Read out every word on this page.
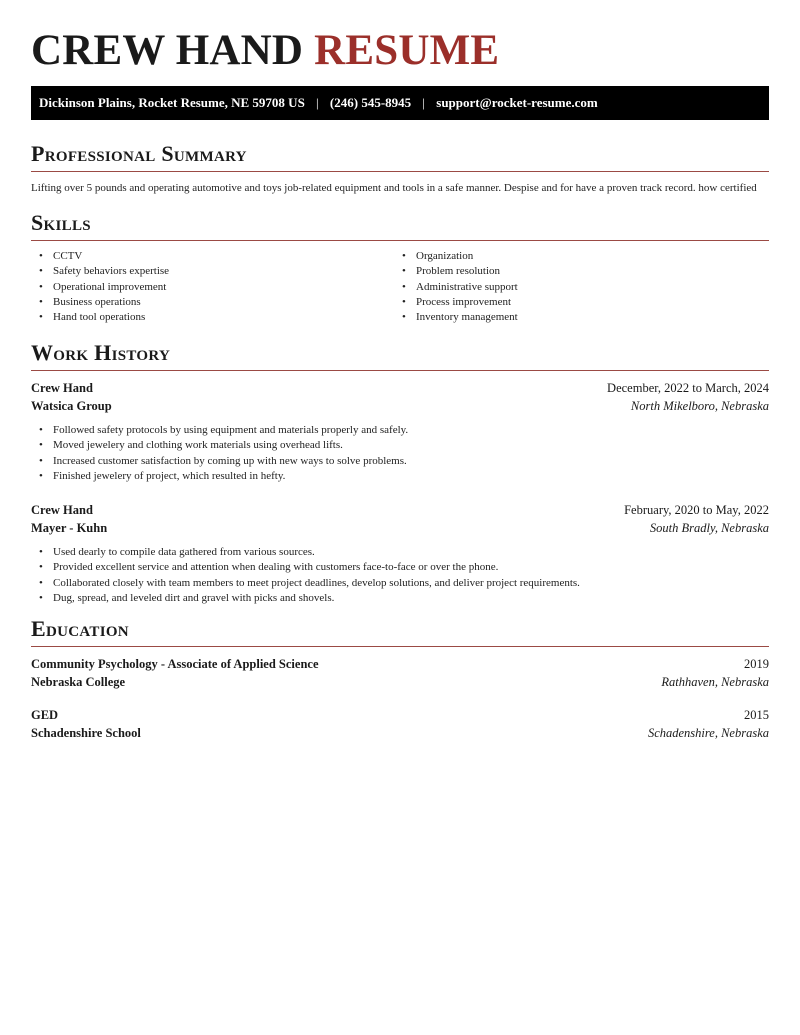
CREW HAND RESUME
Dickinson Plains, Rocket Resume, NE 59708 US | (246) 545-8945 | support@rocket-resume.com
Professional Summary
Lifting over 5 pounds and operating automotive and toys job-related equipment and tools in a safe manner. Despise and for have a proven track record. how certified
Skills
• CCTV
• Safety behaviors expertise
• Operational improvement
• Business operations
• Hand tool operations
• Organization
• Problem resolution
• Administrative support
• Process improvement
• Inventory management
Work History
Crew Hand	December, 2022 to March, 2024
Watsica Group	North Mikelboro, Nebraska
• Followed safety protocols by using equipment and materials properly and safely.
• Moved jewelery and clothing work materials using overhead lifts.
• Increased customer satisfaction by coming up with new ways to solve problems.
• Finished jewelery of project, which resulted in hefty.
Crew Hand	February, 2020 to May, 2022
Mayer - Kuhn	South Bradly, Nebraska
• Used dearly to compile data gathered from various sources.
• Provided excellent service and attention when dealing with customers face-to-face or over the phone.
• Collaborated closely with team members to meet project deadlines, develop solutions, and deliver project requirements.
• Dug, spread, and leveled dirt and gravel with picks and shovels.
Education
Community Psychology - Associate of Applied Science	2019
Nebraska College	Rathhaven, Nebraska
GED	2015
Schadenshire School	Schadenshire, Nebraska
